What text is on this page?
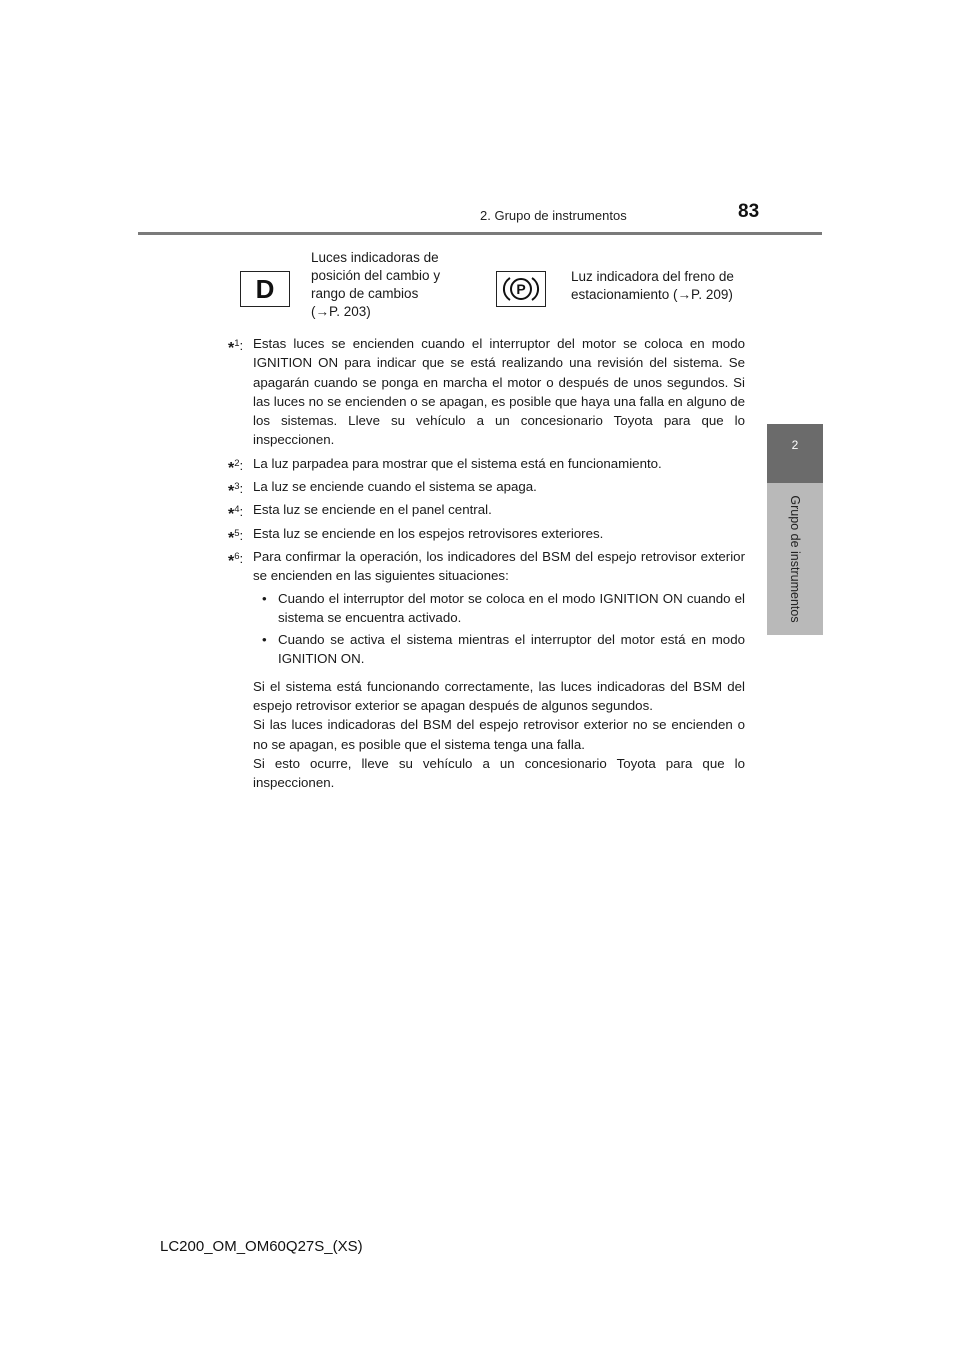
2. Grupo de instrumentos	83
2
Grupo de instrumentos
D
Luces indicadoras de
posición del cambio y
rango de cambios
(→P. 203)
P
Luz indicadora del freno de
estacionamiento (→P. 209)
*$^1$: Estas luces se encienden cuando el interruptor del motor se coloca en modo IGNITION ON para indicar que se está realizando una revisión del sistema. Se apagarán cuando se ponga en marcha el motor o después de unos segundos. Si las luces no se encienden o se apagan, es posible que haya una falla en alguno de los sistemas. Lleve su vehículo a un concesionario Toyota para que lo inspeccionen.
*$^2$: La luz parpadea para mostrar que el sistema está en funcionamiento.
*$^3$: La luz se enciende cuando el sistema se apaga.
*$^4$: Esta luz se enciende en el panel central.
*$^5$: Esta luz se enciende en los espejos retrovisores exteriores.
*$^6$: Para confirmar la operación, los indicadores del BSM del espejo retrovisor exterior se encienden en las siguientes situaciones:
• Cuando el interruptor del motor se coloca en el modo IGNITION ON cuando el sistema se encuentra activado.
• Cuando se activa el sistema mientras el interruptor del motor está en modo IGNITION ON.
Si el sistema está funcionando correctamente, las luces indicadoras del BSM del espejo retrovisor exterior se apagan después de algunos segundos.
Si las luces indicadoras del BSM del espejo retrovisor exterior no se encienden o no se apagan, es posible que el sistema tenga una falla.
Si esto ocurre, lleve su vehículo a un concesionario Toyota para que lo inspeccionen.
LC200_OM_OM60Q27S_(XS)
